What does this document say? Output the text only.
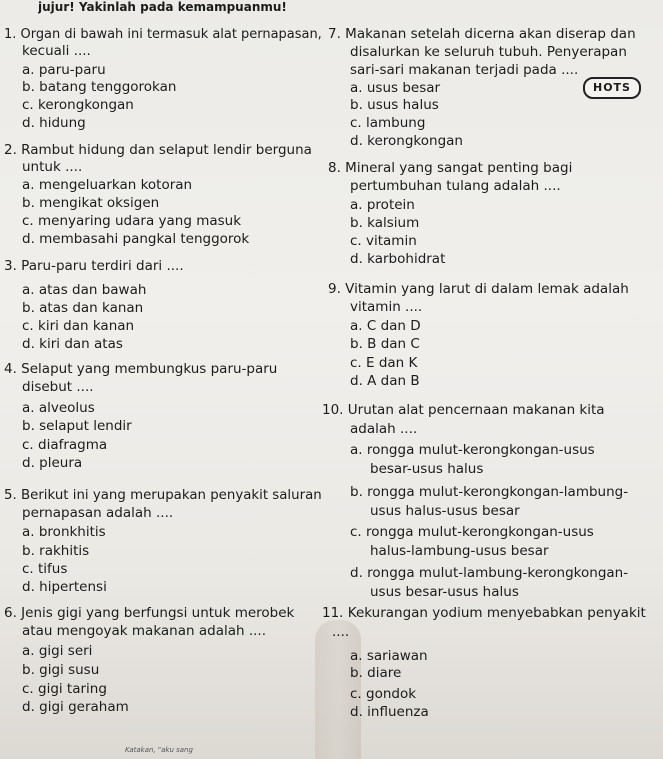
jujur! Yakinlah pada kemampuanmu!
HOTS
1. Organ di bawah ini termasuk alat pernapasan,
kecuali ....
a. paru-paru
b. batang tenggorokan
c. kerongkongan
d. hidung
2. Rambut hidung dan selaput lendir berguna
untuk ....
a. mengeluarkan kotoran
b. mengikat oksigen
c. menyaring udara yang masuk
d. membasahi pangkal tenggorok
3. Paru-paru terdiri dari ....
a. atas dan bawah
b. atas dan kanan
c. kiri dan kanan
d. kiri dan atas
4. Selaput yang membungkus paru-paru
disebut ....
a. alveolus
b. selaput lendir
c. diafragma
d. pleura
5. Berikut ini yang merupakan penyakit saluran
pernapasan adalah ....
a. bronkhitis
b. rakhitis
c. tifus
d. hipertensi
6. Jenis gigi yang berfungsi untuk merobek
atau mengoyak makanan adalah ....
a. gigi seri
b. gigi susu
c. gigi taring
d. gigi geraham
7. Makanan setelah dicerna akan diserap dan
disalurkan ke seluruh tubuh. Penyerapan
sari-sari makanan terjadi pada ....
a. usus besar
b. usus halus
c. lambung
d. kerongkongan
8. Mineral yang sangat penting bagi
pertumbuhan tulang adalah ....
a. protein
b. kalsium
c. vitamin
d. karbohidrat
9. Vitamin yang larut di dalam lemak adalah
vitamin ....
a. C dan D
b. B dan C
c. E dan K
d. A dan B
10. Urutan alat pencernaan makanan kita
adalah ....
a. rongga mulut-kerongkongan-usus
besar-usus halus
b. rongga mulut-kerongkongan-lambung-
usus halus-usus besar
c. rongga mulut-kerongkongan-usus
halus-lambung-usus besar
d. rongga mulut-lambung-kerongkongan-
usus besar-usus halus
11. Kekurangan yodium menyebabkan penyakit
....
a. sariawan
b. diare
c. gondok
d. influenza
Katakan, "aku sang
